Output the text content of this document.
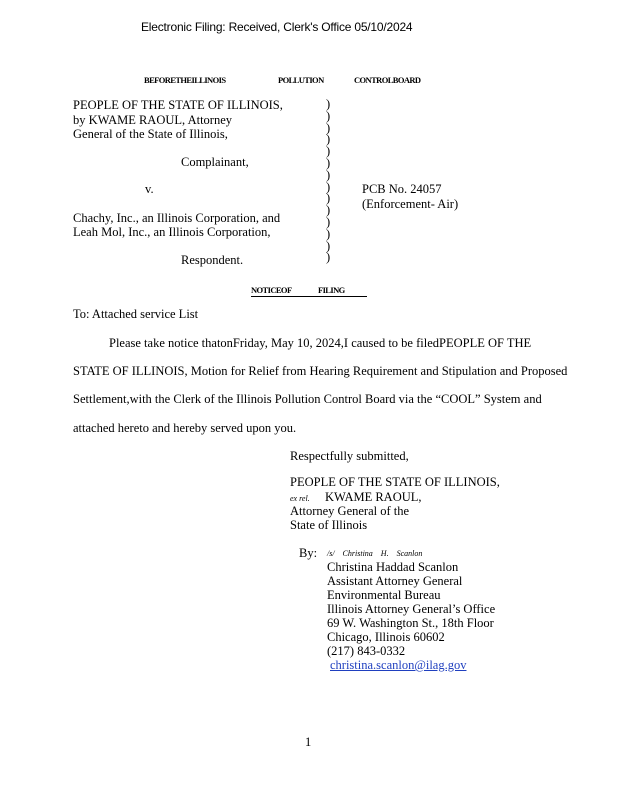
Electronic Filing: Received, Clerk's Office 05/10/2024
BEFORETHEILLINOIS	POLLUTION	CONTROLBOARD
PEOPLE OF THE STATE OF ILLINOIS,
by KWAME RAOUL, Attorney
General of the State of Illinois,
Complainant,
v.
Chachy, Inc., an Illinois Corporation, and
Leah Mol, Inc., an Illinois Corporation,
Respondent.
)
)
)
)
)
)
)
)
)
)
)
)
)
)
PCB No. 24057
(Enforcement- Air)
NOTICEOF	FILING
To: Attached service List
Please take notice thatonFriday, May 10, 2024,I caused to be filedPEOPLE OF THE
STATE OF ILLINOIS, Motion for Relief from Hearing Requirement and Stipulation and Proposed
Settlement,with the Clerk of the Illinois Pollution Control Board via the “COOL” System and
attached hereto and hereby served upon you.
Respectfully submitted,
PEOPLE OF THE STATE OF ILLINOIS,
ex rel. KWAME RAOUL,
Attorney General of the
State of Illinois
By: /s/ Christina H. Scanlon
Christina Haddad Scanlon
Assistant Attorney General
Environmental Bureau
Illinois Attorney General’s Office
69 W. Washington St., 18th Floor
Chicago, Illinois 60602
(217) 843-0332
christina.scanlon@ilag.gov
1
